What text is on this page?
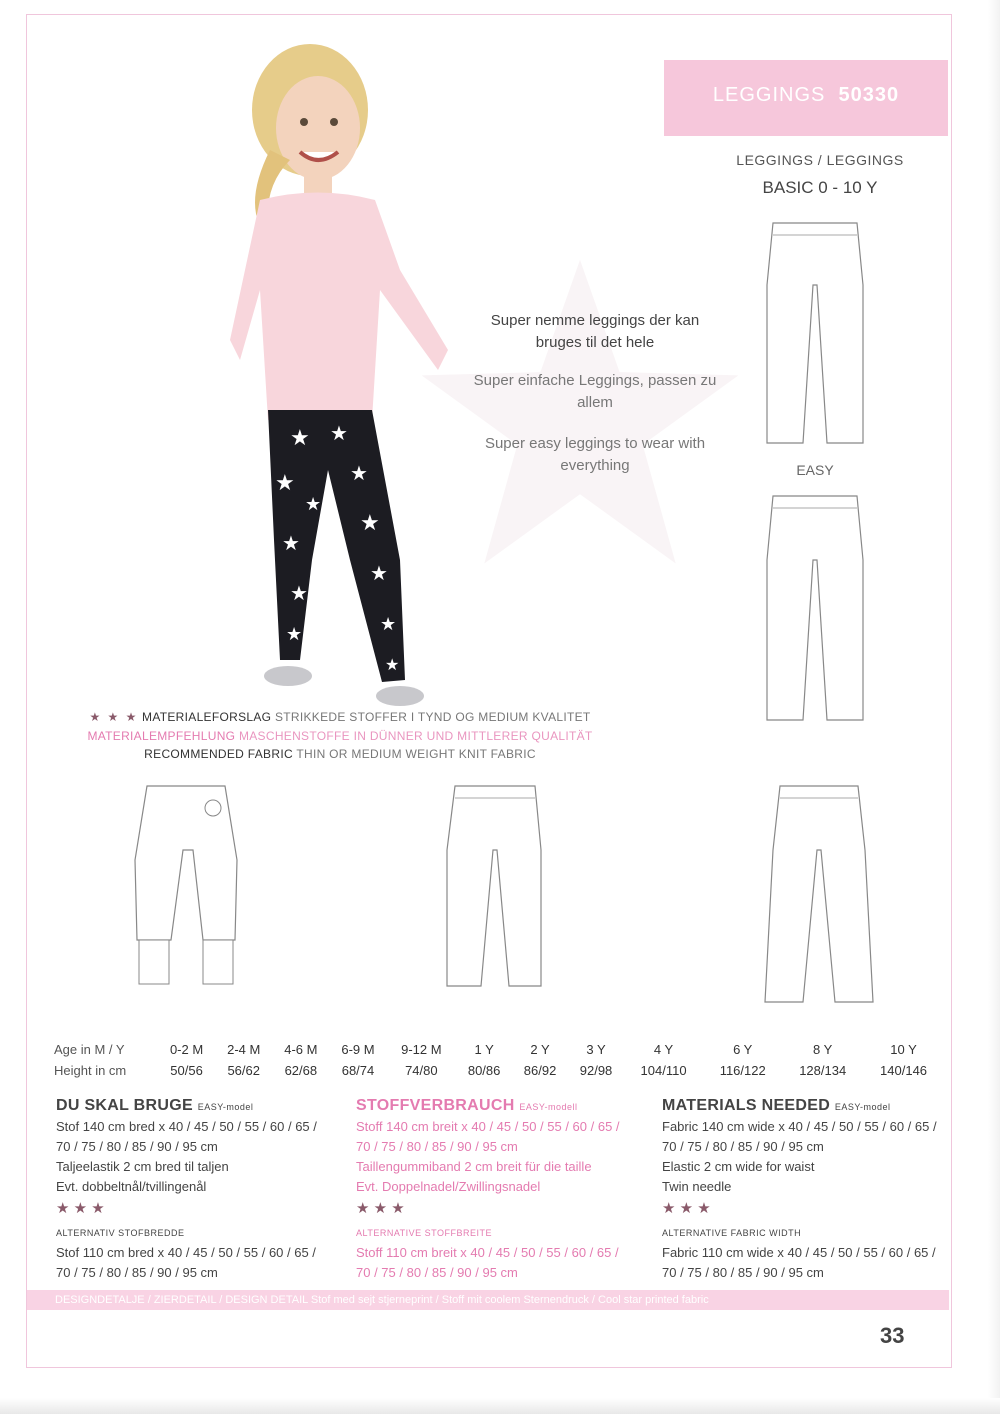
LEGGINGS 50330
LEGGINGS / LEGGINGS
BASIC 0 - 10 Y
★ ★
★	★
★
★
★
★
★
★
★
★
Super nemme leggings der kan bruges til det hele
Super einfache Leggings, passen zu allem
Super easy leggings to wear with everything	EASY
★ ★ ★ MATERIALEFORSLAG STRIKKEDE STOFFER I TYND OG MEDIUM KVALITET
MATERIALEMPFEHLUNG MASCHENSTOFFE IN DÜNNER UND MITTLERER QUALITÄT
RECOMMENDED FABRIC THIN OR MEDIUM WEIGHT KNIT FABRIC
Age in M / Y	0-2 M	2-4 M	4-6 M	6-9 M	9-12 M	1 Y	2 Y	3 Y	4 Y	6 Y	8 Y	10 Y
Height in cm	50/56	56/62	62/68	68/74	74/80	80/86	86/92	92/98	104/110	116/122	128/134	140/146
DU SKAL BRUGE EASY-model
Stof 140 cm bred x 40 / 45 / 50 / 55 / 60 / 65 /
70 / 75 / 80 / 85 / 90 / 95 cm
Taljeelastik 2 cm bred til taljen
Evt. dobbeltnål/tvillingenål
★ ★ ★
ALTERNATIV STOFBREDDE
Stof 110 cm bred x 40 / 45 / 50 / 55 / 60 / 65 /
70 / 75 / 80 / 85 / 90 / 95 cm
STOFFVERBRAUCH EASY-modell
Stoff 140 cm breit x 40 / 45 / 50 / 55 / 60 / 65 /
70 / 75 / 80 / 85 / 90 / 95 cm
Taillengummiband 2 cm breit für die taille
Evt. Doppelnadel/Zwillingsnadel
★ ★ ★
ALTERNATIVE STOFFBREITE
Stoff 110 cm breit x 40 / 45 / 50 / 55 / 60 / 65 /
70 / 75 / 80 / 85 / 90 / 95 cm
MATERIALS NEEDED EASY-model
Fabric 140 cm wide x 40 / 45 / 50 / 55 / 60 / 65 /
70 / 75 / 80 / 85 / 90 / 95 cm
Elastic 2 cm wide for waist
Twin needle
★ ★ ★
ALTERNATIVE FABRIC WIDTH
Fabric 110 cm wide x 40 / 45 / 50 / 55 / 60 / 65 /
70 / 75 / 80 / 85 / 90 / 95 cm
DESIGNDETALJE / ZIERDETAIL / DESIGN DETAIL Stof med sejt stjerneprint / Stoff mit coolem Sternendruck / Cool star printed fabric
33
